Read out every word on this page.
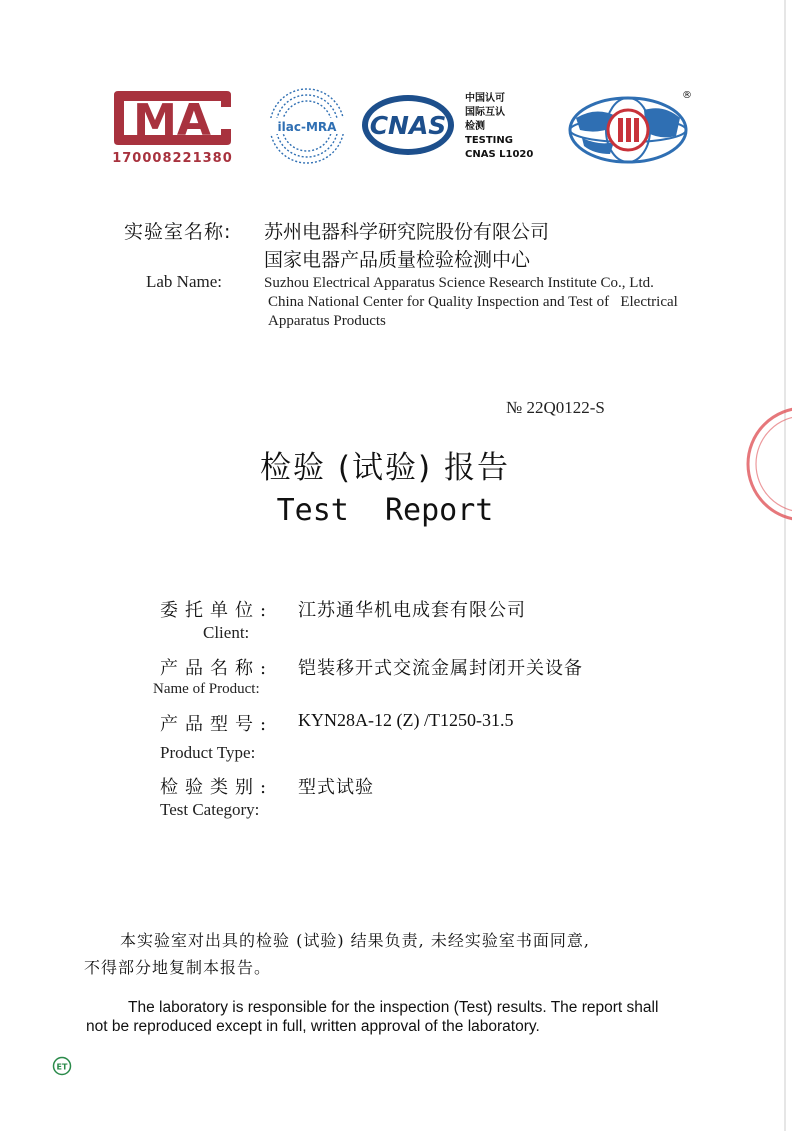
MA
170008221380
ilac-MRA CNAS
中国认可
国际互认
检测
TESTING
CNAS L1020
®
实验室名称: 苏州电器科学研究院股份有限公司
国家电器产品质量检验检测中心
Lab Name:	Suzhou Electrical Apparatus Science Research Institute Co., Ltd.
China National Center for Quality Inspection and Test of   Electrical
Apparatus Products
№ 22Q0122-S
检验 (试验) 报告
Test  Report
委托单位: 江苏通华机电成套有限公司
Client:
产品名称: 铠装移开式交流金属封闭开关设备
Name of Product:
产品型号: KYN28A-12 (Z) /T1250-31.5
Product Type:
检验类别: 型式试验
Test Category:
本实验室对出具的检验 (试验) 结果负责, 未经实验室书面同意,
不得部分地复制本报告。
The laboratory is responsible for the inspection (Test) results. The report shall
not be reproduced except in full, written approval of the laboratory.
ET
